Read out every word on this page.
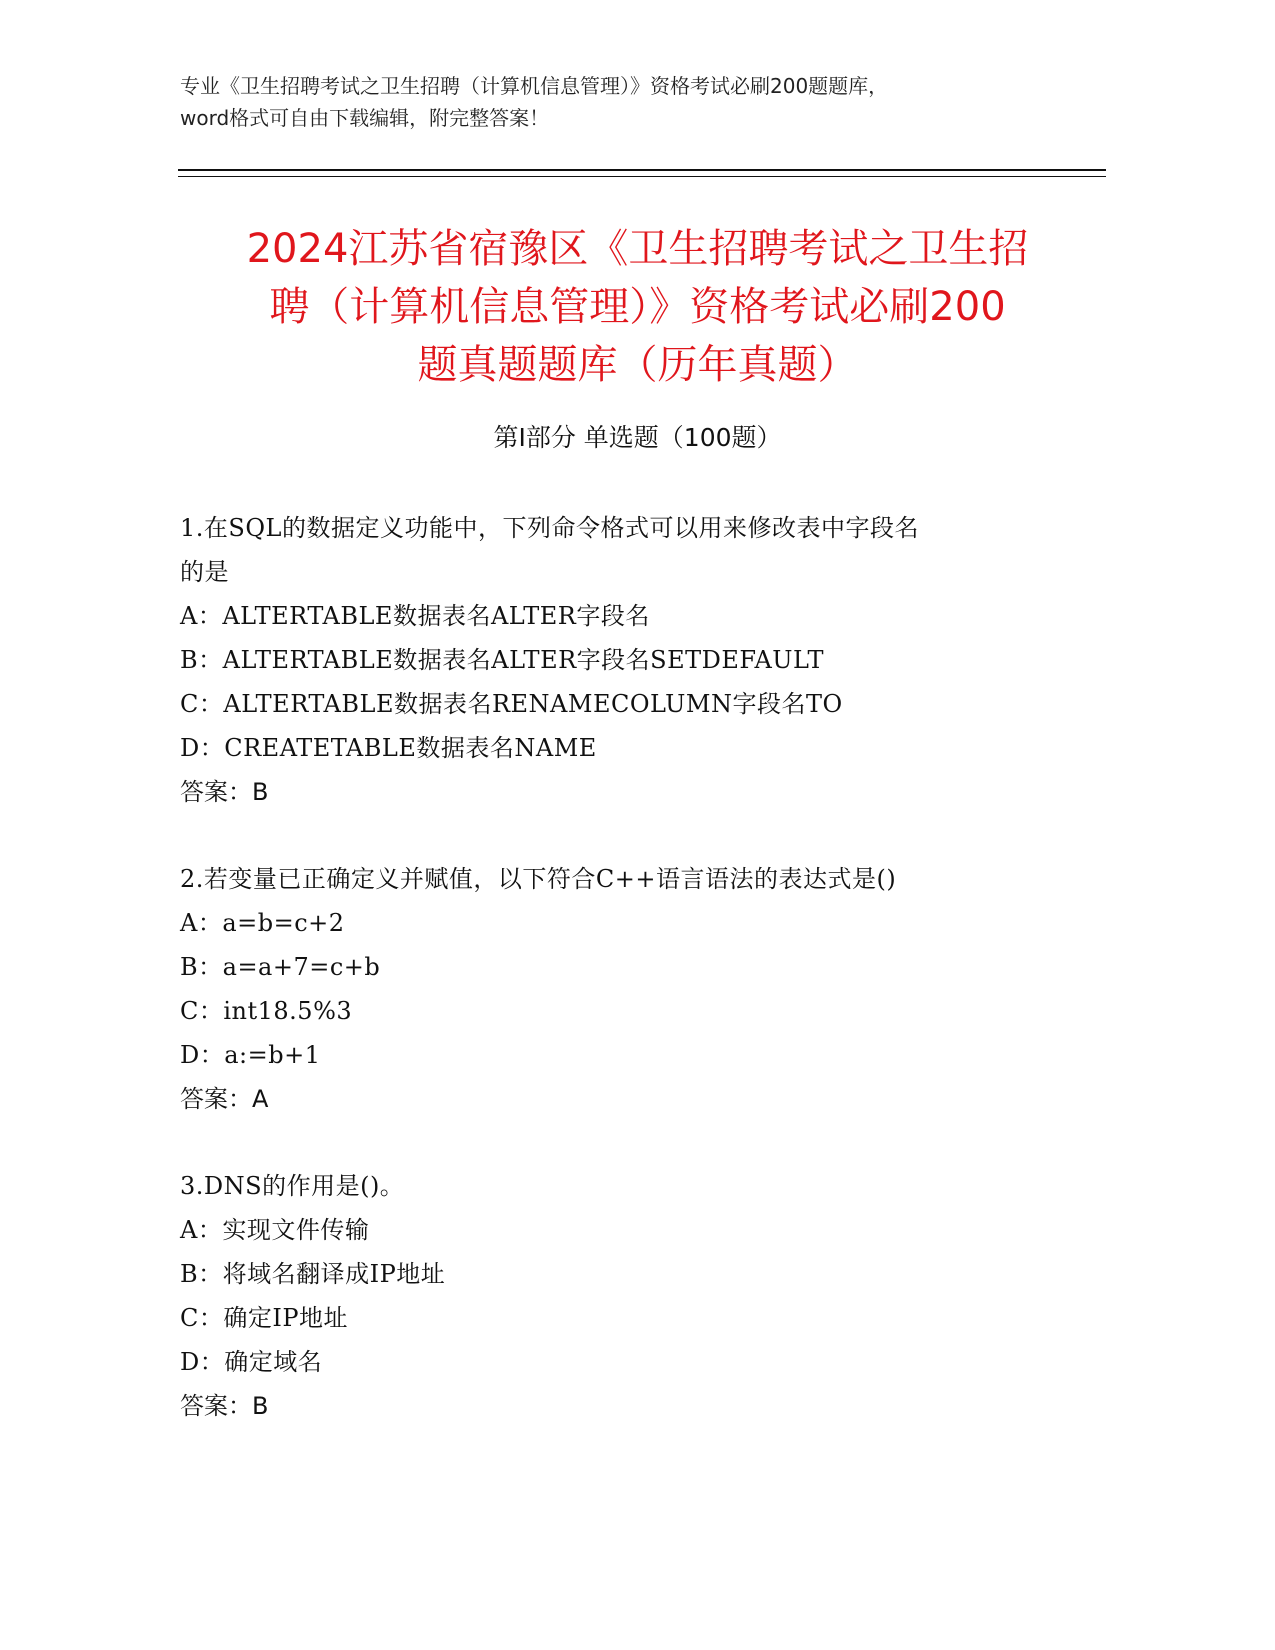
专业《卫生招聘考试之卫生招聘（计算机信息管理）》资格考试必刷200题题库，
word格式可自由下载编辑，附完整答案！
2024江苏省宿豫区《卫生招聘考试之卫生招
聘（计算机信息管理）》资格考试必刷200
题真题题库（历年真题）
第Ⅰ部分 单选题（100题）
1.在SQL的数据定义功能中，下列命令格式可以用来修改表中字段名
的是
A：ALTERTABLE数据表名ALTER字段名
B：ALTERTABLE数据表名ALTER字段名SETDEFAULT
C：ALTERTABLE数据表名RENAMECOLUMN字段名TO
D：CREATETABLE数据表名NAME
答案：B
2.若变量已正确定义并赋值，以下符合C++语言语法的表达式是()
A：a=b=c+2
B：a=a+7=c+b
C：int18.5%3
D：a:=b+1
答案：A
3.DNS的作用是()。
A：实现文件传输
B：将域名翻译成IP地址
C：确定IP地址
D：确定域名
答案：B
